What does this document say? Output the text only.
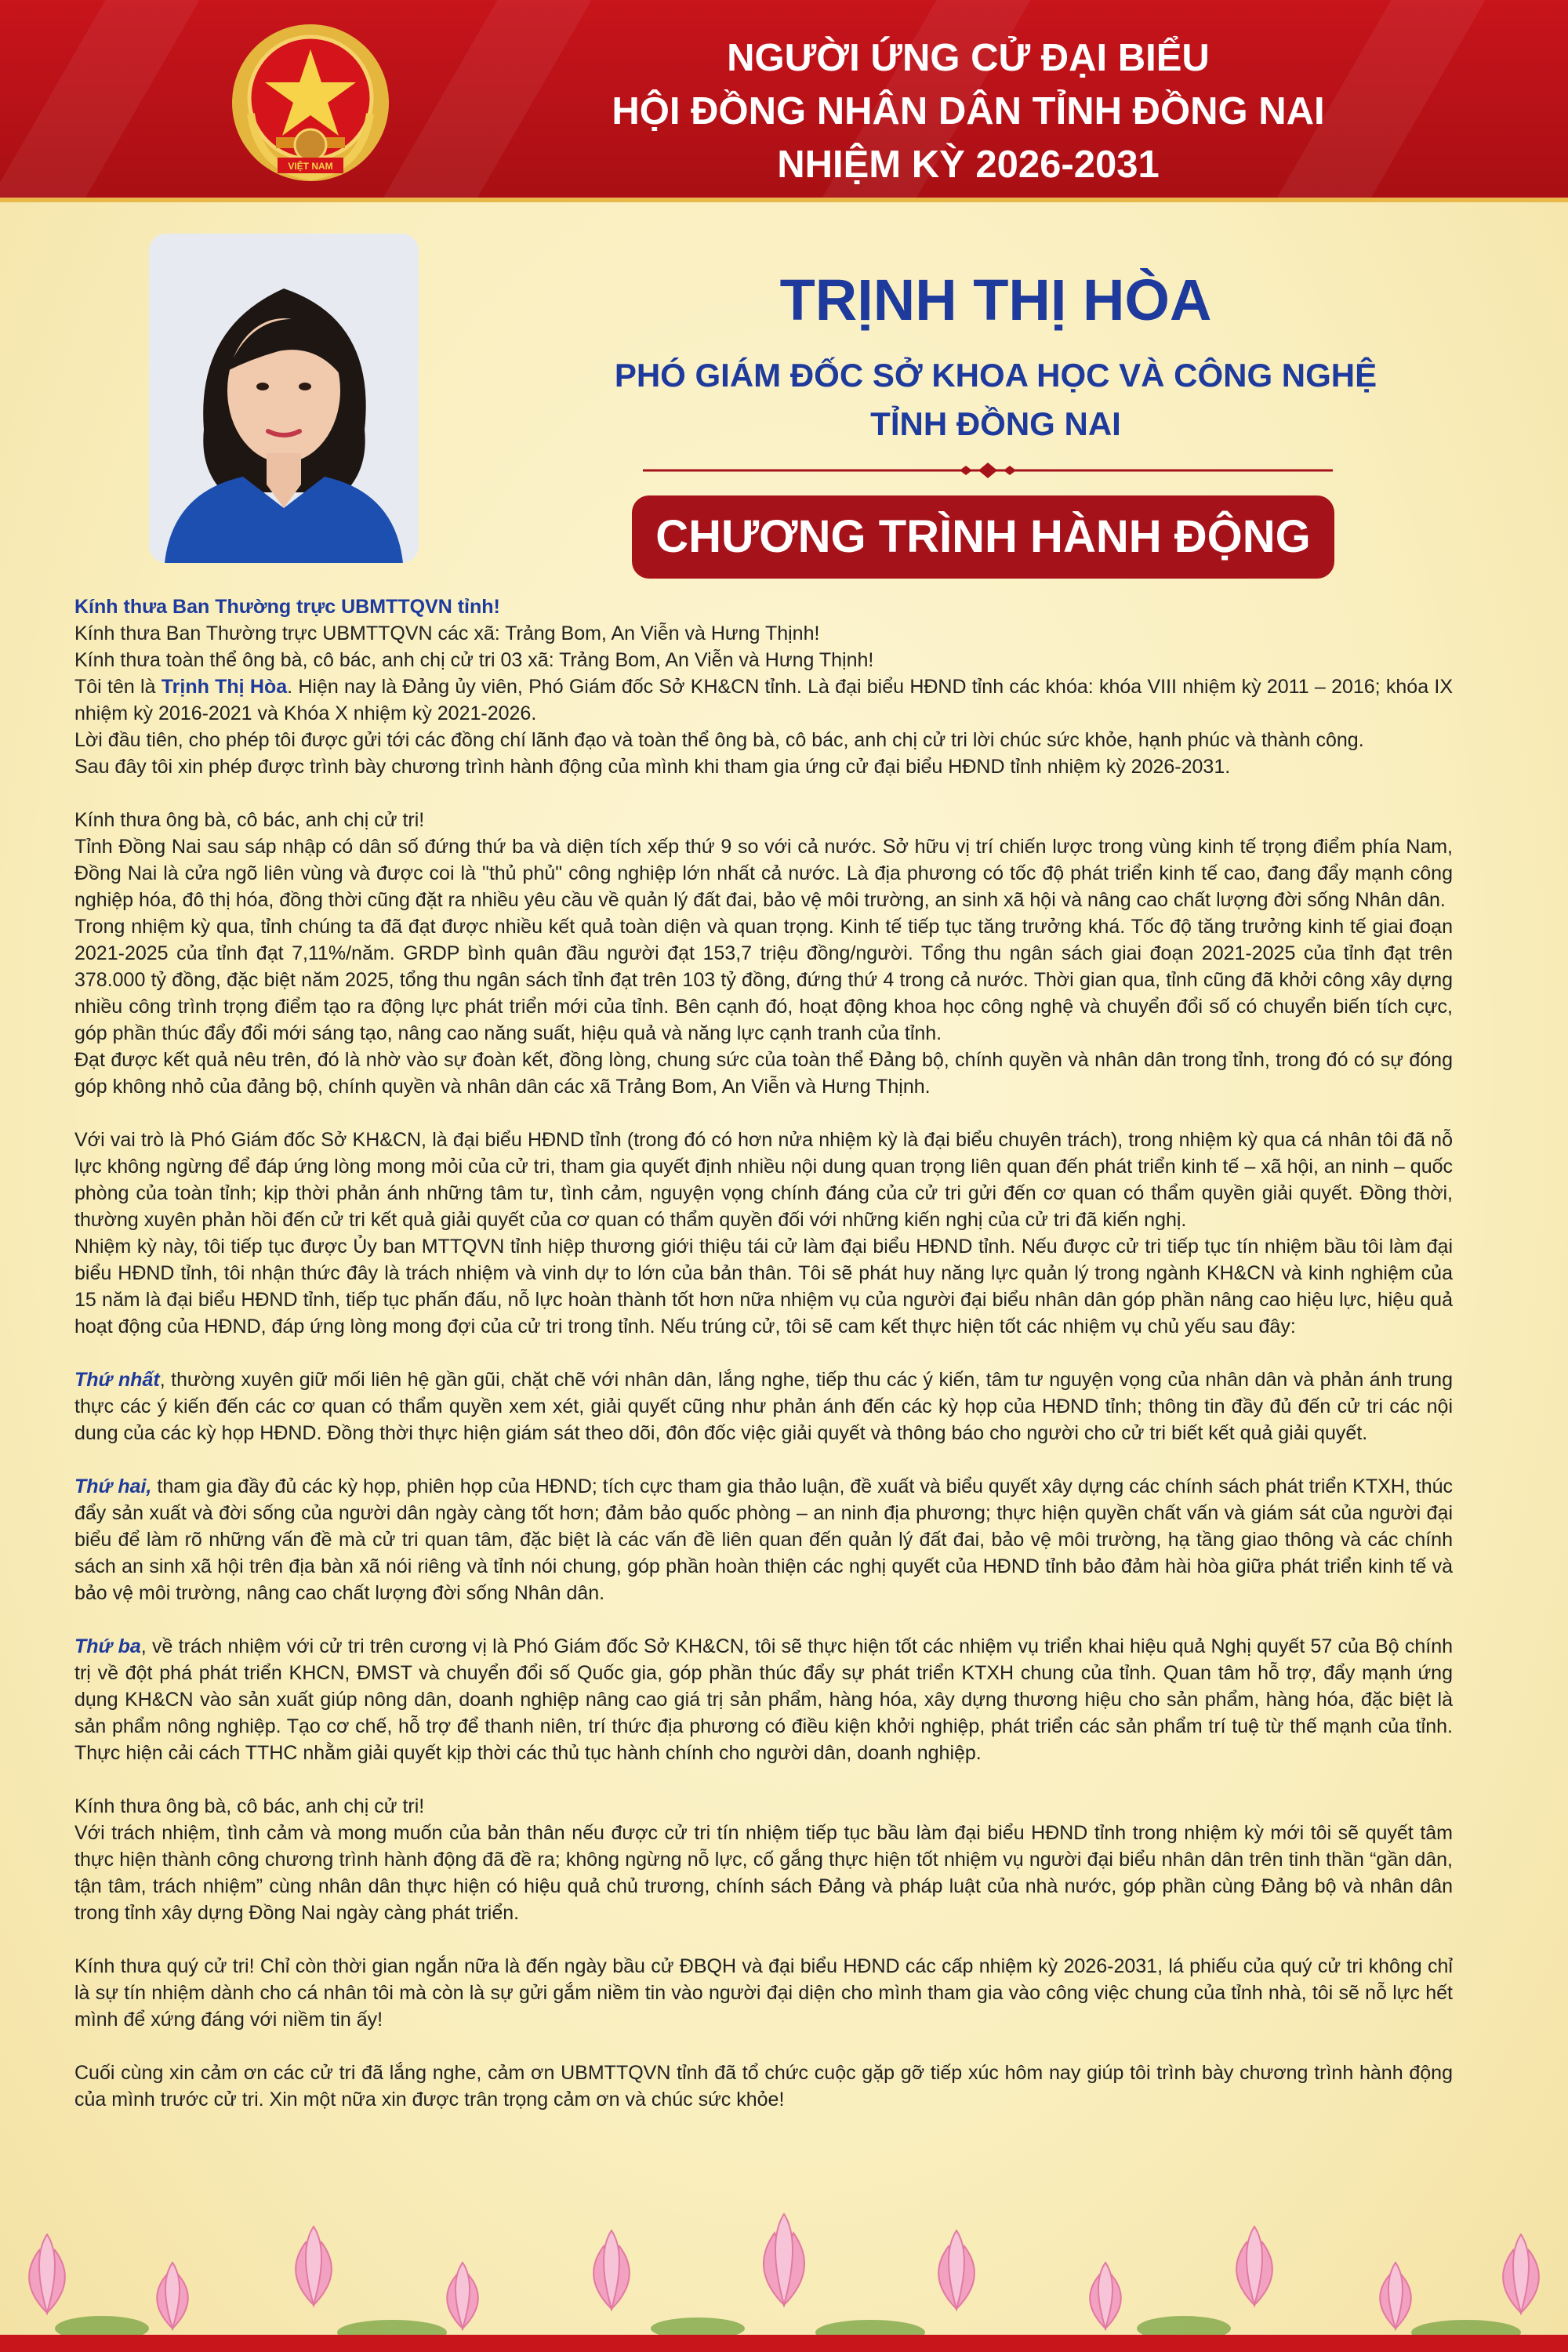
VIỆT NAM
NGƯỜI ỨNG CỬ ĐẠI BIỂU
HỘI ĐỒNG NHÂN DÂN TỈNH ĐỒNG NAI
NHIỆM KỲ 2026-2031
TRỊNH THỊ HÒA
PHÓ GIÁM ĐỐC SỞ KHOA HỌC VÀ CÔNG NGHỆ
TỈNH ĐỒNG NAI
CHƯƠNG TRÌNH HÀNH ĐỘNG

Kính thưa Ban Thường trực UBMTTQVN tỉnh!

Kính thưa Ban Thường trực UBMTTQVN các xã: Trảng Bom, An Viễn và Hưng Thịnh!

Kính thưa toàn thể ông bà, cô bác, anh chị cử tri 03 xã: Trảng Bom, An Viễn và Hưng Thịnh!

Tôi tên là Trịnh Thị Hòa. Hiện nay là Đảng ủy viên, Phó Giám đốc Sở KH&CN tỉnh. Là đại biểu HĐND tỉnh các khóa: khóa VIII nhiệm kỳ 2011 – 2016; khóa IX nhiệm kỳ 2016-2021 và Khóa X nhiệm kỳ 2021-2026.

Lời đầu tiên, cho phép tôi được gửi tới các đồng chí lãnh đạo và toàn thể ông bà, cô bác, anh chị cử tri lời chúc sức khỏe, hạnh phúc và thành công.

Sau đây tôi xin phép được trình bày chương trình hành động của mình khi tham gia ứng cử đại biểu HĐND tỉnh nhiệm kỳ 2026-2031.

Kính thưa ông bà, cô bác, anh chị cử tri!

Tỉnh Đồng Nai sau sáp nhập có dân số đứng thứ ba và diện tích xếp thứ 9 so với cả nước. Sở hữu vị trí chiến lược trong vùng kinh tế trọng điểm phía Nam, Đồng Nai là cửa ngõ liên vùng và được coi là "thủ phủ" công nghiệp lớn nhất cả nước. Là địa phương có tốc độ phát triển kinh tế cao, đang đẩy mạnh công nghiệp hóa, đô thị hóa, đồng thời cũng đặt ra nhiều yêu cầu về quản lý đất đai, bảo vệ môi trường, an sinh xã hội và nâng cao chất lượng đời sống Nhân dân.

Trong nhiệm kỳ qua, tỉnh chúng ta đã đạt được nhiều kết quả toàn diện và quan trọng. Kinh tế tiếp tục tăng trưởng khá. Tốc độ tăng trưởng kinh tế giai đoạn 2021-2025 của tỉnh đạt 7,11%/năm. GRDP bình quân đầu người đạt 153,7 triệu đồng/người. Tổng thu ngân sách giai đoạn 2021-2025 của tỉnh đạt trên 378.000 tỷ đồng, đặc biệt năm 2025, tổng thu ngân sách tỉnh đạt trên 103 tỷ đồng, đứng thứ 4 trong cả nước. Thời gian qua, tỉnh cũng đã khởi công xây dựng nhiều công trình trọng điểm tạo ra động lực phát triển mới của tỉnh. Bên cạnh đó, hoạt động khoa học công nghệ và chuyển đổi số có chuyển biến tích cực, góp phần thúc đẩy đổi mới sáng tạo, nâng cao năng suất, hiệu quả và năng lực cạnh tranh của tỉnh.

Đạt được kết quả nêu trên, đó là nhờ vào sự đoàn kết, đồng lòng, chung sức của toàn thể Đảng bộ, chính quyền và nhân dân trong tỉnh, trong đó có sự đóng góp không nhỏ của đảng bộ, chính quyền và nhân dân các xã Trảng Bom, An Viễn và Hưng Thịnh.

Với vai trò là Phó Giám đốc Sở KH&CN, là đại biểu HĐND tỉnh (trong đó có hơn nửa nhiệm kỳ là đại biểu chuyên trách), trong nhiệm kỳ qua cá nhân tôi đã nỗ lực không ngừng để đáp ứng lòng mong mỏi của cử tri, tham gia quyết định nhiều nội dung quan trọng liên quan đến phát triển kinh tế – xã hội, an ninh – quốc phòng của toàn tỉnh; kịp thời phản ánh những tâm tư, tình cảm, nguyện vọng chính đáng của cử tri gửi đến cơ quan có thẩm quyền giải quyết. Đồng thời, thường xuyên phản hồi đến cử tri kết quả giải quyết của cơ quan có thẩm quyền đối với những kiến nghị của cử tri đã kiến nghị.

Nhiệm kỳ này, tôi tiếp tục được Ủy ban MTTQVN tỉnh hiệp thương giới thiệu tái cử làm đại biểu HĐND tỉnh. Nếu được cử tri tiếp tục tín nhiệm bầu tôi làm đại biểu HĐND tỉnh, tôi nhận thức đây là trách nhiệm và vinh dự to lớn của bản thân. Tôi sẽ phát huy năng lực quản lý trong ngành KH&CN và kinh nghiệm của 15 năm là đại biểu HĐND tỉnh, tiếp tục phấn đấu, nỗ lực hoàn thành tốt hơn nữa nhiệm vụ của người đại biểu nhân dân góp phần nâng cao hiệu lực, hiệu quả hoạt động của HĐND, đáp ứng lòng mong đợi của cử tri trong tỉnh. Nếu trúng cử, tôi sẽ cam kết thực hiện tốt các nhiệm vụ chủ yếu sau đây:

Thứ nhất, thường xuyên giữ mối liên hệ gần gũi, chặt chẽ với nhân dân, lắng nghe, tiếp thu các ý kiến, tâm tư nguyện vọng của nhân dân và phản ánh trung thực các ý kiến đến các cơ quan có thẩm quyền xem xét, giải quyết cũng như phản ánh đến các kỳ họp của HĐND tỉnh; thông tin đầy đủ đến cử tri các nội dung của các kỳ họp HĐND. Đồng thời thực hiện giám sát theo dõi, đôn đốc việc giải quyết và thông báo cho người cho cử tri biết kết quả giải quyết.

Thứ hai, tham gia đầy đủ các kỳ họp, phiên họp của HĐND; tích cực tham gia thảo luận, đề xuất và biểu quyết xây dựng các chính sách phát triển KTXH, thúc đẩy sản xuất và đời sống của người dân ngày càng tốt hơn; đảm bảo quốc phòng – an ninh địa phương; thực hiện quyền chất vấn và giám sát của người đại biểu để làm rõ những vấn đề mà cử tri quan tâm, đặc biệt là các vấn đề liên quan đến quản lý đất đai, bảo vệ môi trường, hạ tầng giao thông và các chính sách an sinh xã hội trên địa bàn xã nói riêng và tỉnh nói chung, góp phần hoàn thiện các nghị quyết của HĐND tỉnh bảo đảm hài hòa giữa phát triển kinh tế và bảo vệ môi trường, nâng cao chất lượng đời sống Nhân dân.

Thứ ba, về trách nhiệm với cử tri trên cương vị là Phó Giám đốc Sở KH&CN, tôi sẽ thực hiện tốt các nhiệm vụ triển khai hiệu quả Nghị quyết 57 của Bộ chính trị về đột phá phát triển KHCN, ĐMST và chuyển đổi số Quốc gia, góp phần thúc đẩy sự phát triển KTXH chung của tỉnh. Quan tâm hỗ trợ, đẩy mạnh ứng dụng KH&CN vào sản xuất giúp nông dân, doanh nghiệp nâng cao giá trị sản phẩm, hàng hóa, xây dựng thương hiệu cho sản phẩm, hàng hóa, đặc biệt là sản phẩm nông nghiệp. Tạo cơ chế, hỗ trợ để thanh niên, trí thức địa phương có điều kiện khởi nghiệp, phát triển các sản phẩm trí tuệ từ thế mạnh của tỉnh. Thực hiện cải cách TTHC nhằm giải quyết kịp thời các thủ tục hành chính cho người dân, doanh nghiệp.

Kính thưa ông bà, cô bác, anh chị cử tri!

Với trách nhiệm, tình cảm và mong muốn của bản thân nếu được cử tri tín nhiệm tiếp tục bầu làm đại biểu HĐND tỉnh trong nhiệm kỳ mới tôi sẽ quyết tâm thực hiện thành công chương trình hành động đã đề ra; không ngừng nỗ lực, cố gắng thực hiện tốt nhiệm vụ người đại biểu nhân dân trên tinh thần “gần dân, tận tâm, trách nhiệm” cùng nhân dân thực hiện có hiệu quả chủ trương, chính sách Đảng và pháp luật của nhà nước, góp phần cùng Đảng bộ và nhân dân trong tỉnh xây dựng Đồng Nai ngày càng phát triển.

Kính thưa quý cử tri! Chỉ còn thời gian ngắn nữa là đến ngày bầu cử ĐBQH và đại biểu HĐND các cấp nhiệm kỳ 2026-2031, lá phiếu của quý cử tri không chỉ là sự tín nhiệm dành cho cá nhân tôi mà còn là sự gửi gắm niềm tin vào người đại diện cho mình tham gia vào công việc chung của tỉnh nhà, tôi sẽ nỗ lực hết mình để xứng đáng với niềm tin ấy!

Cuối cùng xin cảm ơn các cử tri đã lắng nghe, cảm ơn UBMTTQVN tỉnh đã tổ chức cuộc gặp gỡ tiếp xúc hôm nay giúp tôi trình bày chương trình hành động của mình trước cử tri. Xin một nữa xin được trân trọng cảm ơn và chúc sức khỏe!
